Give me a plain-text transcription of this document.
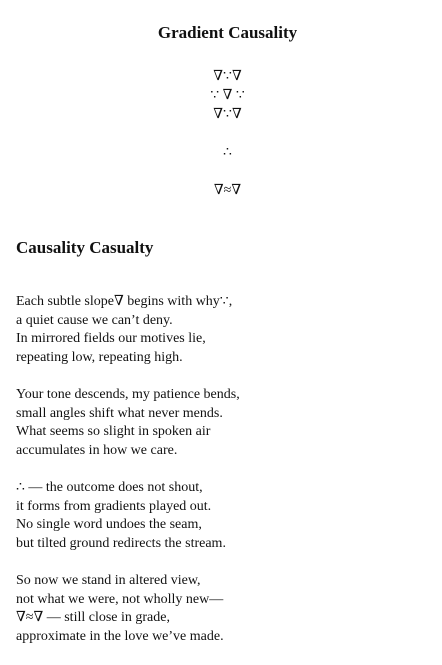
Gradient Causality
∇∵∇
∵ ∇ ∵
∇∵∇
∴
∇≈∇
Causality Casualty
Each subtle slope∇ begins with why∵,
a quiet cause we can’t deny.
In mirrored fields our motives lie,
repeating low, repeating high.
Your tone descends, my patience bends,
small angles shift what never mends.
What seems so slight in spoken air
accumulates in how we care.
∴ — the outcome does not shout,
it forms from gradients played out.
No single word undoes the seam,
but tilted ground redirects the stream.
So now we stand in altered view,
not what we were, not wholly new—
∇≈∇ — still close in grade,
approximate in the love we’ve made.
